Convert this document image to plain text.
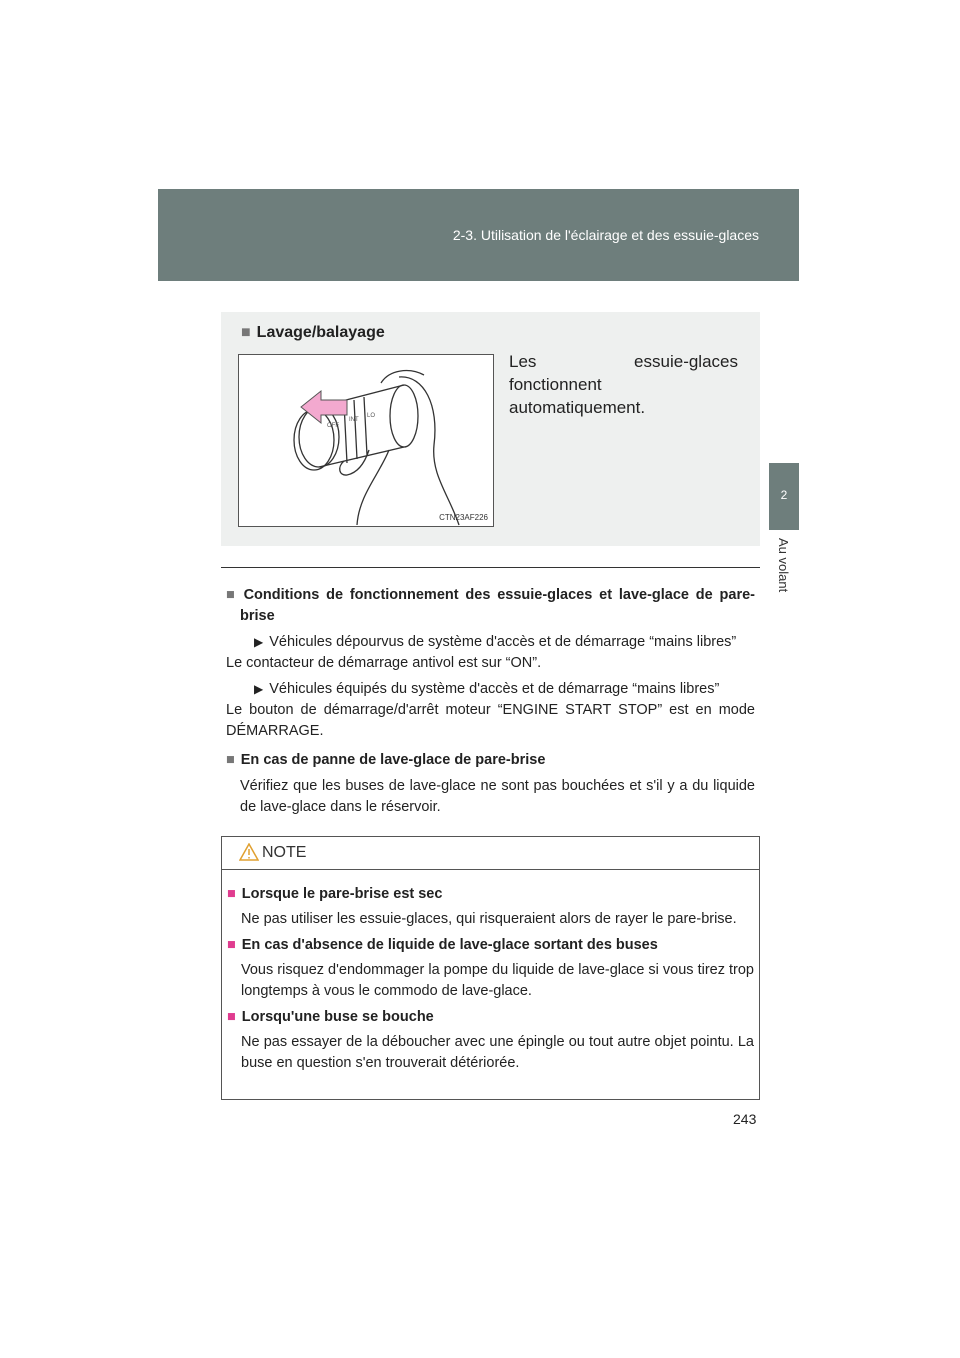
2-3. Utilisation de l'éclairage et des essuie-glaces
2
Au volant
■ Lavage/balayage
OFF
INT
LO
CTN23AF226
Les essuie-glaces fonctionnent automatiquement.
■ Conditions de fonctionnement des essuie-glaces et lave-glace de pare-brise
▶ Véhicules dépourvus de système d'accès et de démarrage “mains libres”
Le contacteur de démarrage antivol est sur “ON”.
▶ Véhicules équipés du système d'accès et de démarrage “mains libres”
Le bouton de démarrage/d'arrêt moteur “ENGINE START STOP” est en mode DÉMARRAGE.
■ En cas de panne de lave-glace de pare-brise
Vérifiez que les buses de lave-glace ne sont pas bouchées et s'il y a du liquide de lave-glace dans le réservoir.
NOTE
■ Lorsque le pare-brise est sec
Ne pas utiliser les essuie-glaces, qui risqueraient alors de rayer le pare-brise.
■ En cas d'absence de liquide de lave-glace sortant des buses
Vous risquez d'endommager la pompe du liquide de lave-glace si vous tirez trop longtemps à vous le commodo de lave-glace.
■ Lorsqu'une buse se bouche
Ne pas essayer de la déboucher avec une épingle ou tout autre objet pointu. La buse en question s'en trouverait détériorée.
243
